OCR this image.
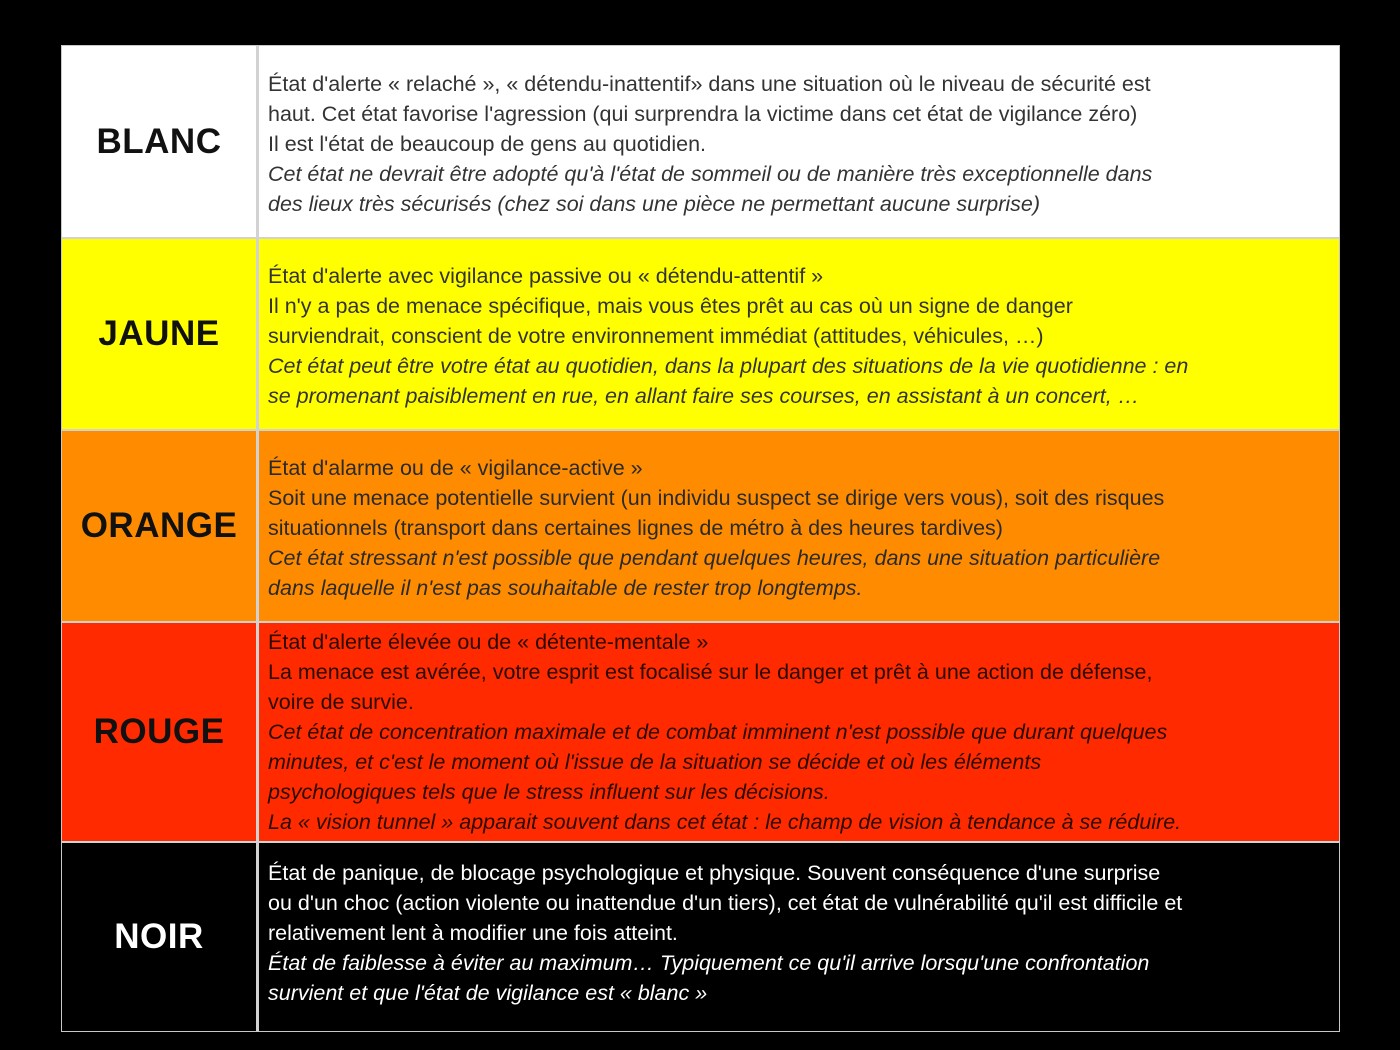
BLANC
État d'alerte « relaché », « détendu-inattentif» dans une situation où le niveau de sécurité est
haut. Cet état favorise l'agression (qui surprendra la victime dans cet état de vigilance zéro)
Il est l'état de beaucoup de gens au quotidien.
Cet état ne devrait être adopté qu'à l'état de sommeil ou de manière très exceptionnelle dans
des lieux très sécurisés (chez soi dans une pièce ne permettant aucune surprise)
JAUNE
État d'alerte avec vigilance passive ou « détendu-attentif »
Il n'y a pas de menace spécifique, mais vous êtes prêt au cas où un signe de danger
surviendrait, conscient de votre environnement immédiat (attitudes, véhicules, …)
Cet état peut être votre état au quotidien, dans la plupart des situations de la vie quotidienne : en
se promenant paisiblement en rue, en allant faire ses courses, en assistant à un concert, …
ORANGE
État d'alarme ou de « vigilance-active »
Soit une menace potentielle survient (un individu suspect se dirige vers vous), soit des risques
situationnels (transport dans certaines lignes de métro à des heures tardives)
Cet état stressant n'est possible que pendant quelques heures, dans une situation particulière
dans laquelle il n'est pas souhaitable de rester trop longtemps.
ROUGE
État d'alerte élevée ou de « détente-mentale »
La menace est avérée, votre esprit est focalisé sur le danger et prêt à une action de défense,
voire de survie.
Cet état de concentration maximale et de combat imminent n'est possible que durant quelques
minutes, et c'est le moment où l'issue de la situation se décide et où les éléments
psychologiques tels que le stress influent sur les décisions.
La « vision tunnel » apparait souvent dans cet état : le champ de vision à tendance à se réduire.
NOIR
État de panique, de blocage psychologique et physique. Souvent conséquence d'une surprise
ou d'un choc (action violente ou inattendue d'un tiers), cet état de vulnérabilité qu'il est difficile et
relativement lent à modifier une fois atteint.
État de faiblesse à éviter au maximum… Typiquement ce qu'il arrive lorsqu'une confrontation
survient et que l'état de vigilance est « blanc »
